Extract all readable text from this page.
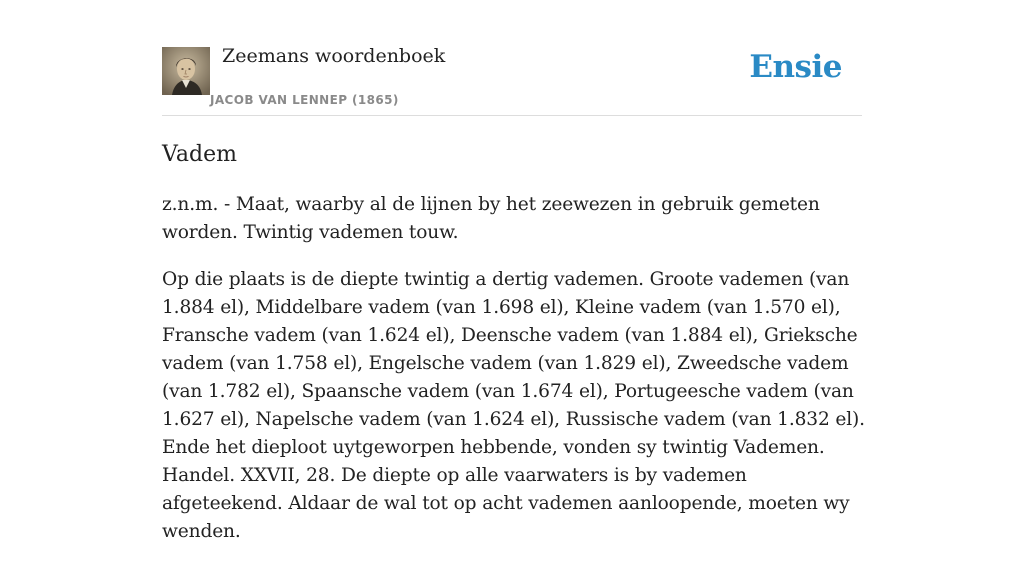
Zeemans woordenboek
JACOB VAN LENNEP (1865)
Ensie
Vadem

z.n.m. - Maat, waarby al de lijnen by het zeewezen in gebruik gemeten worden. Twintig vademen touw.

Op die plaats is de diepte twintig a dertig vademen. Groote vademen (van 1.884 el), Middelbare vadem (van 1.698 el), Kleine vadem (van 1.570 el), Fransche vadem (van 1.624 el), Deensche vadem (van 1.884 el), Grieksche vadem (van 1.758 el), Engelsche vadem (van 1.829 el), Zweedsche vadem (van 1.782 el), Spaansche vadem (van 1.674 el), Portugeesche vadem (van 1.627 el), Napelsche vadem (van 1.624 el), Russische vadem (van 1.832 el). Ende het dieploot uytgeworpen hebbende, vonden sy twintig Vademen. Handel. XXVII, 28. De diepte op alle vaarwaters is by vademen afgeteekend. Aldaar de wal tot op acht vademen aanloopende, moeten wy wenden.
